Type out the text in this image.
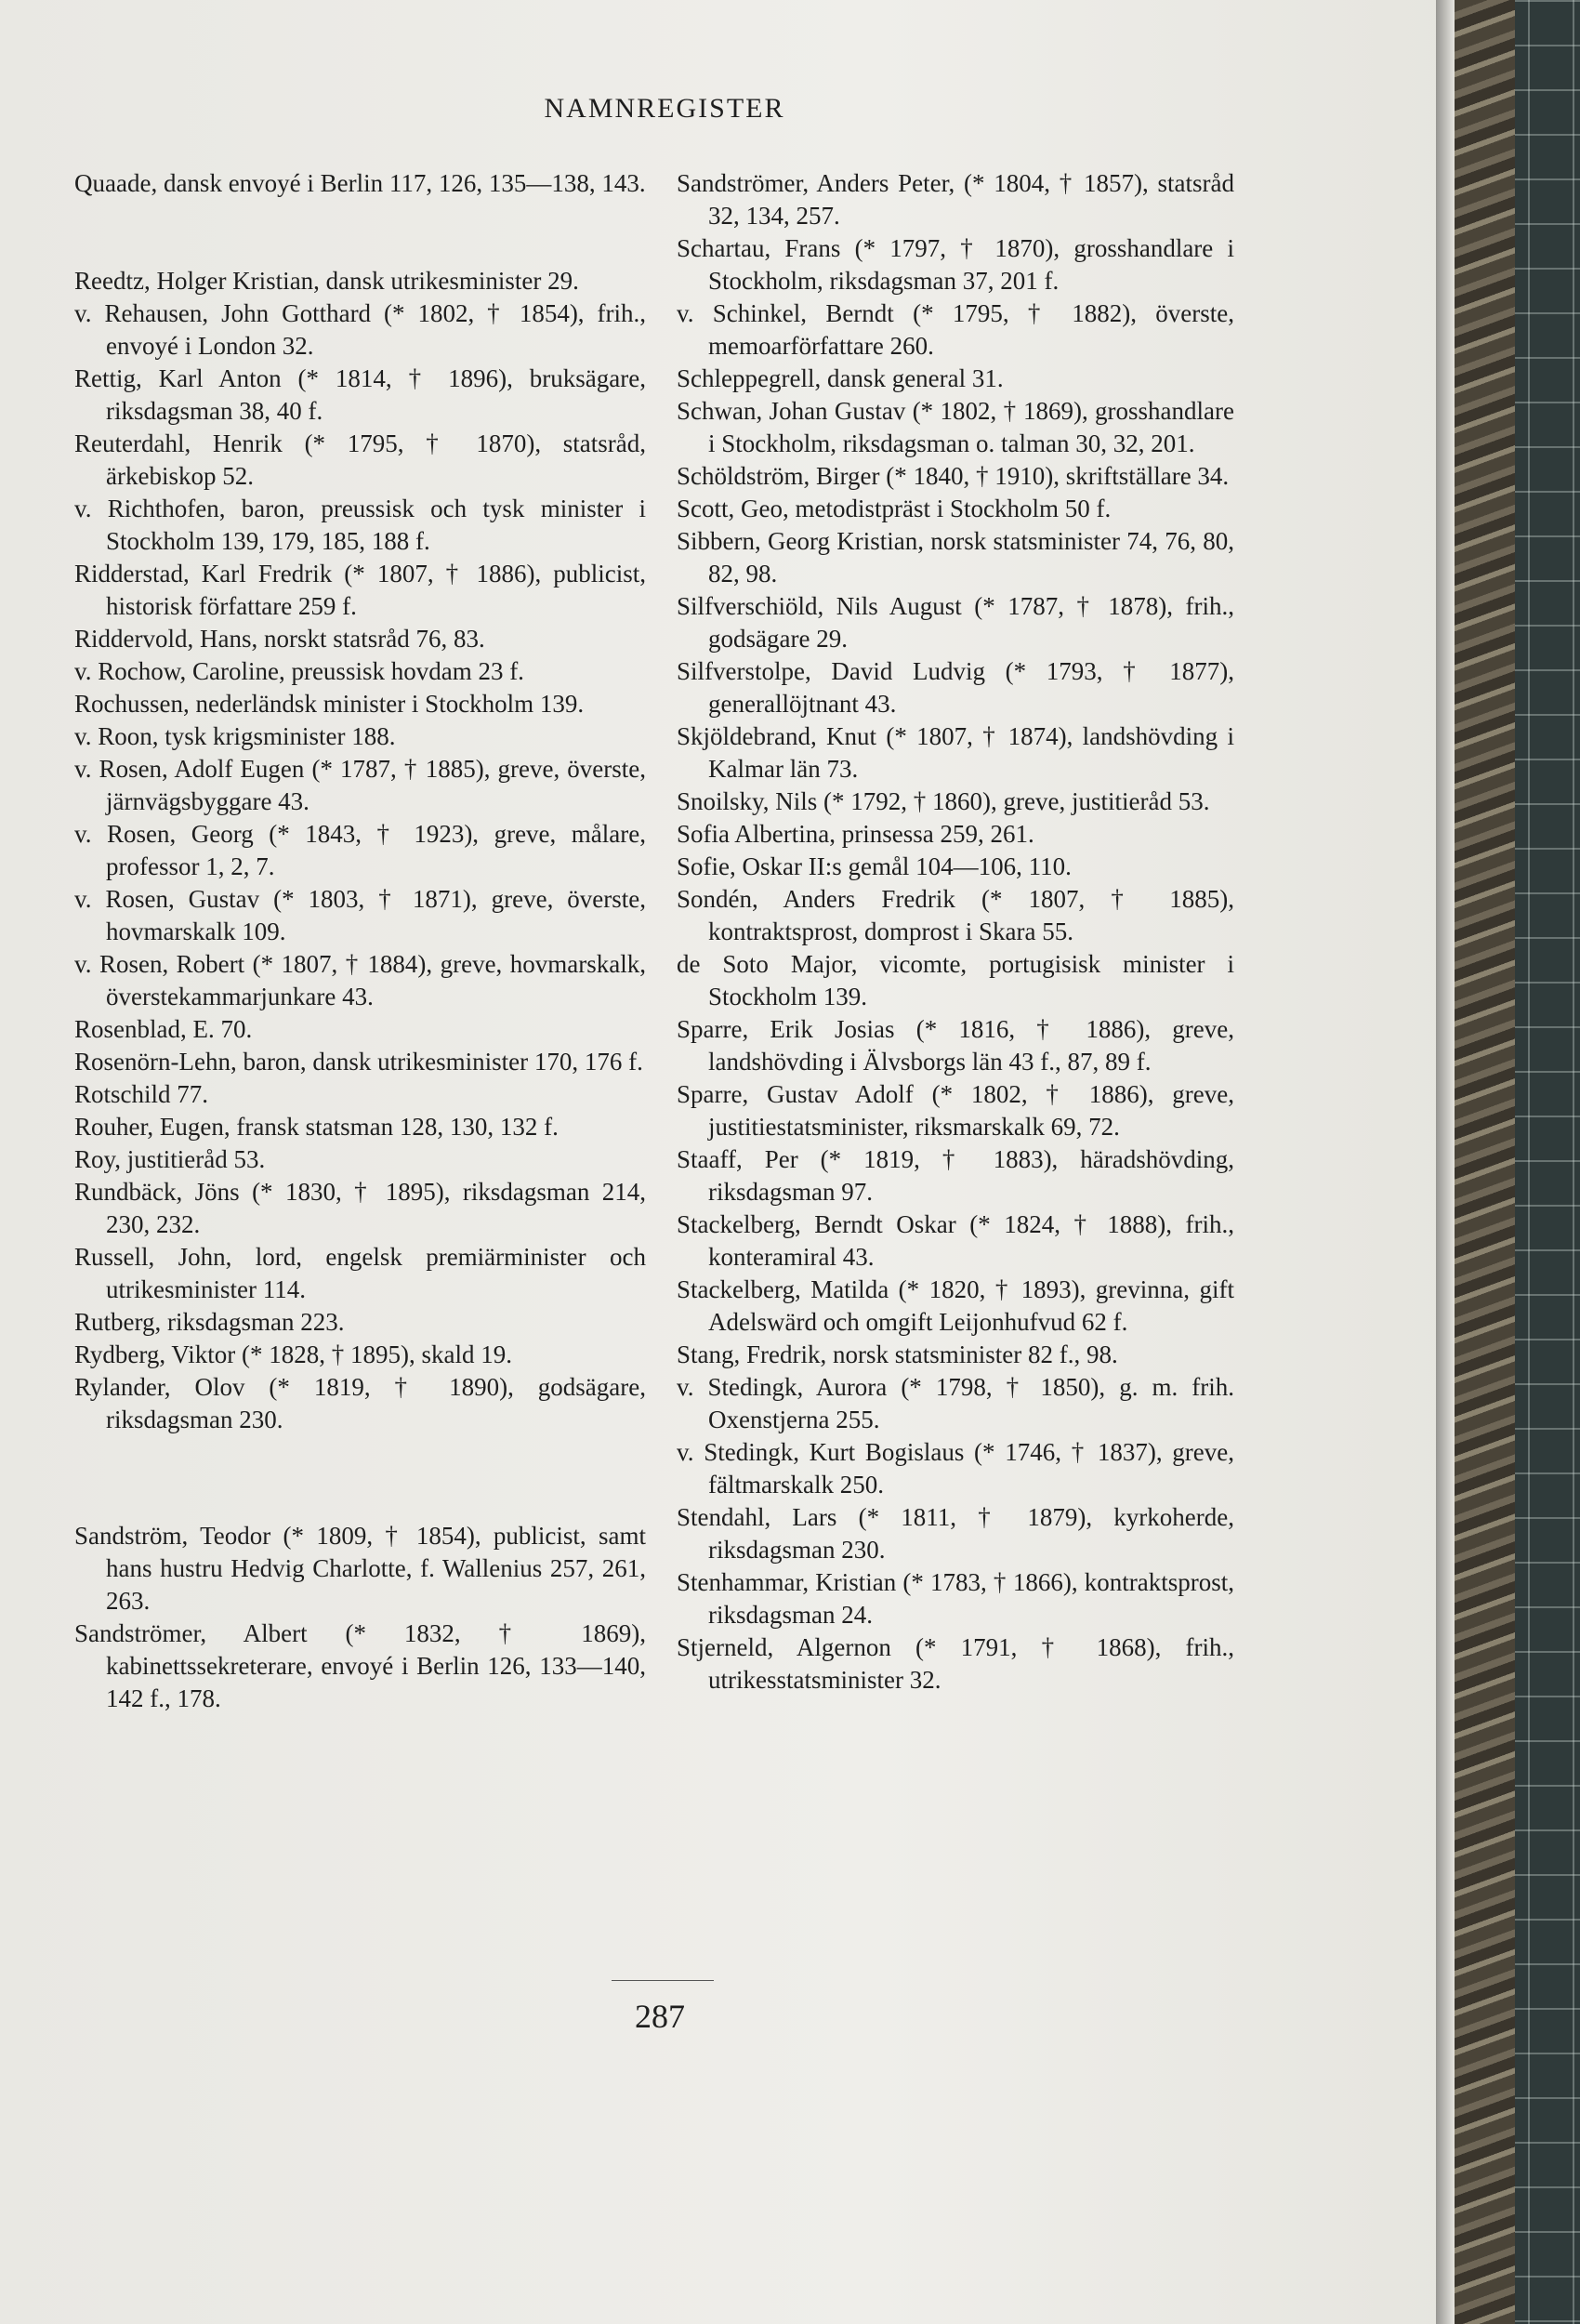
NAMNREGISTER

Quaade, dansk envoyé i Berlin 117, 126, 135—138, 143.

Reedtz, Holger Kristian, dansk utrikesminister 29.

v. Rehausen, John Gotthard (* 1802, † 1854), frih., envoyé i London 32.

Rettig, Karl Anton (* 1814, † 1896), bruksägare, riksdagsman 38, 40 f.

Reuterdahl, Henrik (* 1795, † 1870), statsråd, ärkebiskop 52.

v. Richthofen, baron, preussisk och tysk minister i Stockholm 139, 179, 185, 188 f.

Ridderstad, Karl Fredrik (* 1807, † 1886), publicist, historisk författare 259 f.

Riddervold, Hans, norskt statsråd 76, 83.

v. Rochow, Caroline, preussisk hovdam 23 f.

Rochussen, nederländsk minister i Stockholm 139.

v. Roon, tysk krigsminister 188.

v. Rosen, Adolf Eugen (* 1787, † 1885), greve, överste, järnvägsbyggare 43.

v. Rosen, Georg (* 1843, † 1923), greve, målare, professor 1, 2, 7.

v. Rosen, Gustav (* 1803, † 1871), greve, överste, hovmarskalk 109.

v. Rosen, Robert (* 1807, † 1884), greve, hovmarskalk, överstekammarjunkare 43.

Rosenblad, E. 70.

Rosenörn-Lehn, baron, dansk utrikesminister 170, 176 f.

Rotschild 77.

Rouher, Eugen, fransk statsman 128, 130, 132 f.

Roy, justitieråd 53.

Rundbäck, Jöns (* 1830, † 1895), riksdagsman 214, 230, 232.

Russell, John, lord, engelsk premiärminister och utrikesminister 114.

Rutberg, riksdagsman 223.

Rydberg, Viktor (* 1828, † 1895), skald 19.

Rylander, Olov (* 1819, † 1890), godsägare, riksdagsman 230.

Sandström, Teodor (* 1809, † 1854), publicist, samt hans hustru Hedvig Charlotte, f. Wallenius 257, 261, 263.

Sandströmer, Albert (* 1832, † 1869), kabinettssekreterare, envoyé i Berlin 126, 133—140, 142 f., 178.

Sandströmer, Anders Peter, (* 1804, † 1857), statsråd 32, 134, 257.

Schartau, Frans (* 1797, † 1870), grosshandlare i Stockholm, riksdagsman 37, 201 f.

v. Schinkel, Berndt (* 1795, † 1882), överste, memoarförfattare 260.

Schleppegrell, dansk general 31.

Schwan, Johan Gustav (* 1802, † 1869), grosshandlare i Stockholm, riksdagsman o. talman 30, 32, 201.

Schöldström, Birger (* 1840, † 1910), skriftställare 34.

Scott, Geo, metodistpräst i Stockholm 50 f.

Sibbern, Georg Kristian, norsk statsminister 74, 76, 80, 82, 98.

Silfverschiöld, Nils August (* 1787, † 1878), frih., godsägare 29.

Silfverstolpe, David Ludvig (* 1793, † 1877), generallöjtnant 43.

Skjöldebrand, Knut (* 1807, † 1874), landshövding i Kalmar län 73.

Snoilsky, Nils (* 1792, † 1860), greve, justitieråd 53.

Sofia Albertina, prinsessa 259, 261.

Sofie, Oskar II:s gemål 104—106, 110.

Sondén, Anders Fredrik (* 1807, † 1885), kontraktsprost, domprost i Skara 55.

de Soto Major, vicomte, portugisisk minister i Stockholm 139.

Sparre, Erik Josias (* 1816, † 1886), greve, landshövding i Älvsborgs län 43 f., 87, 89 f.

Sparre, Gustav Adolf (* 1802, † 1886), greve, justitiestatsminister, riksmarskalk 69, 72.

Staaff, Per (* 1819, † 1883), häradshövding, riksdagsman 97.

Stackelberg, Berndt Oskar (* 1824, † 1888), frih., konteramiral 43.

Stackelberg, Matilda (* 1820, † 1893), grevinna, gift Adelswärd och omgift Leijonhufvud 62 f.

Stang, Fredrik, norsk statsminister 82 f., 98.

v. Stedingk, Aurora (* 1798, † 1850), g. m. frih. Oxenstjerna 255.

v. Stedingk, Kurt Bogislaus (* 1746, † 1837), greve, fältmarskalk 250.

Stendahl, Lars (* 1811, † 1879), kyrkoherde, riksdagsman 230.

Stenhammar, Kristian (* 1783, † 1866), kontraktsprost, riksdagsman 24.

Stjerneld, Algernon (* 1791, † 1868), frih., utrikesstatsminister 32.

287
